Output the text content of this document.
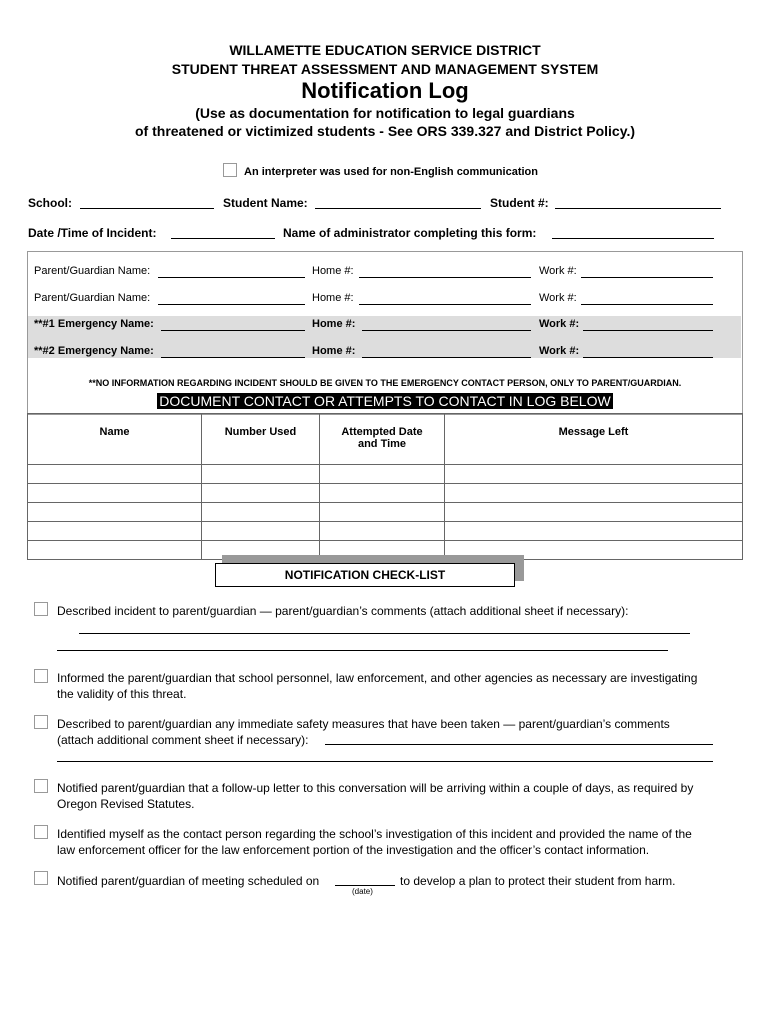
WILLAMETTE EDUCATION SERVICE DISTRICT
STUDENT THREAT ASSESSMENT AND MANAGEMENT SYSTEM
Notification Log
(Use as documentation for notification to legal guardians
of threatened or victimized students - See ORS 339.327 and District Policy.)
An interpreter was used for non-English communication
School:	Student Name:	Student #:
Date /Time of Incident:	Name of administrator completing this form:
Parent/Guardian Name:	Home #:	Work #:
Parent/Guardian Name:	Home #:	Work #:
**#1 Emergency Name:	Home #:	Work #:
**#2 Emergency Name:	Home #:	Work #:
**NO INFORMATION REGARDING INCIDENT SHOULD BE GIVEN TO THE EMERGENCY CONTACT PERSON, ONLY TO PARENT/GUARDIAN.
DOCUMENT CONTACT OR ATTEMPTS TO CONTACT IN LOG BELOW
Name	Number Used	Attempted Date and Time	Message Left

NOTIFICATION CHECK-LIST
Described incident to parent/guardian — parent/guardian’s comments (attach additional sheet if necessary):
Informed the parent/guardian that school personnel, law enforcement, and other agencies as necessary are investigating
the validity of this threat.
Described to parent/guardian any immediate safety measures that have been taken — parent/guardian’s comments
(attach additional comment sheet if necessary):
Notified parent/guardian that a follow-up letter to this conversation will be arriving within a couple of days, as required by
Oregon Revised Statutes.
Identified myself as the contact person regarding the school’s investigation of this incident and provided the name of the
law enforcement officer for the law enforcement portion of the investigation and the officer’s contact information.
Notified parent/guardian of meeting scheduled on	to develop a plan to protect their student from harm.
(date)
